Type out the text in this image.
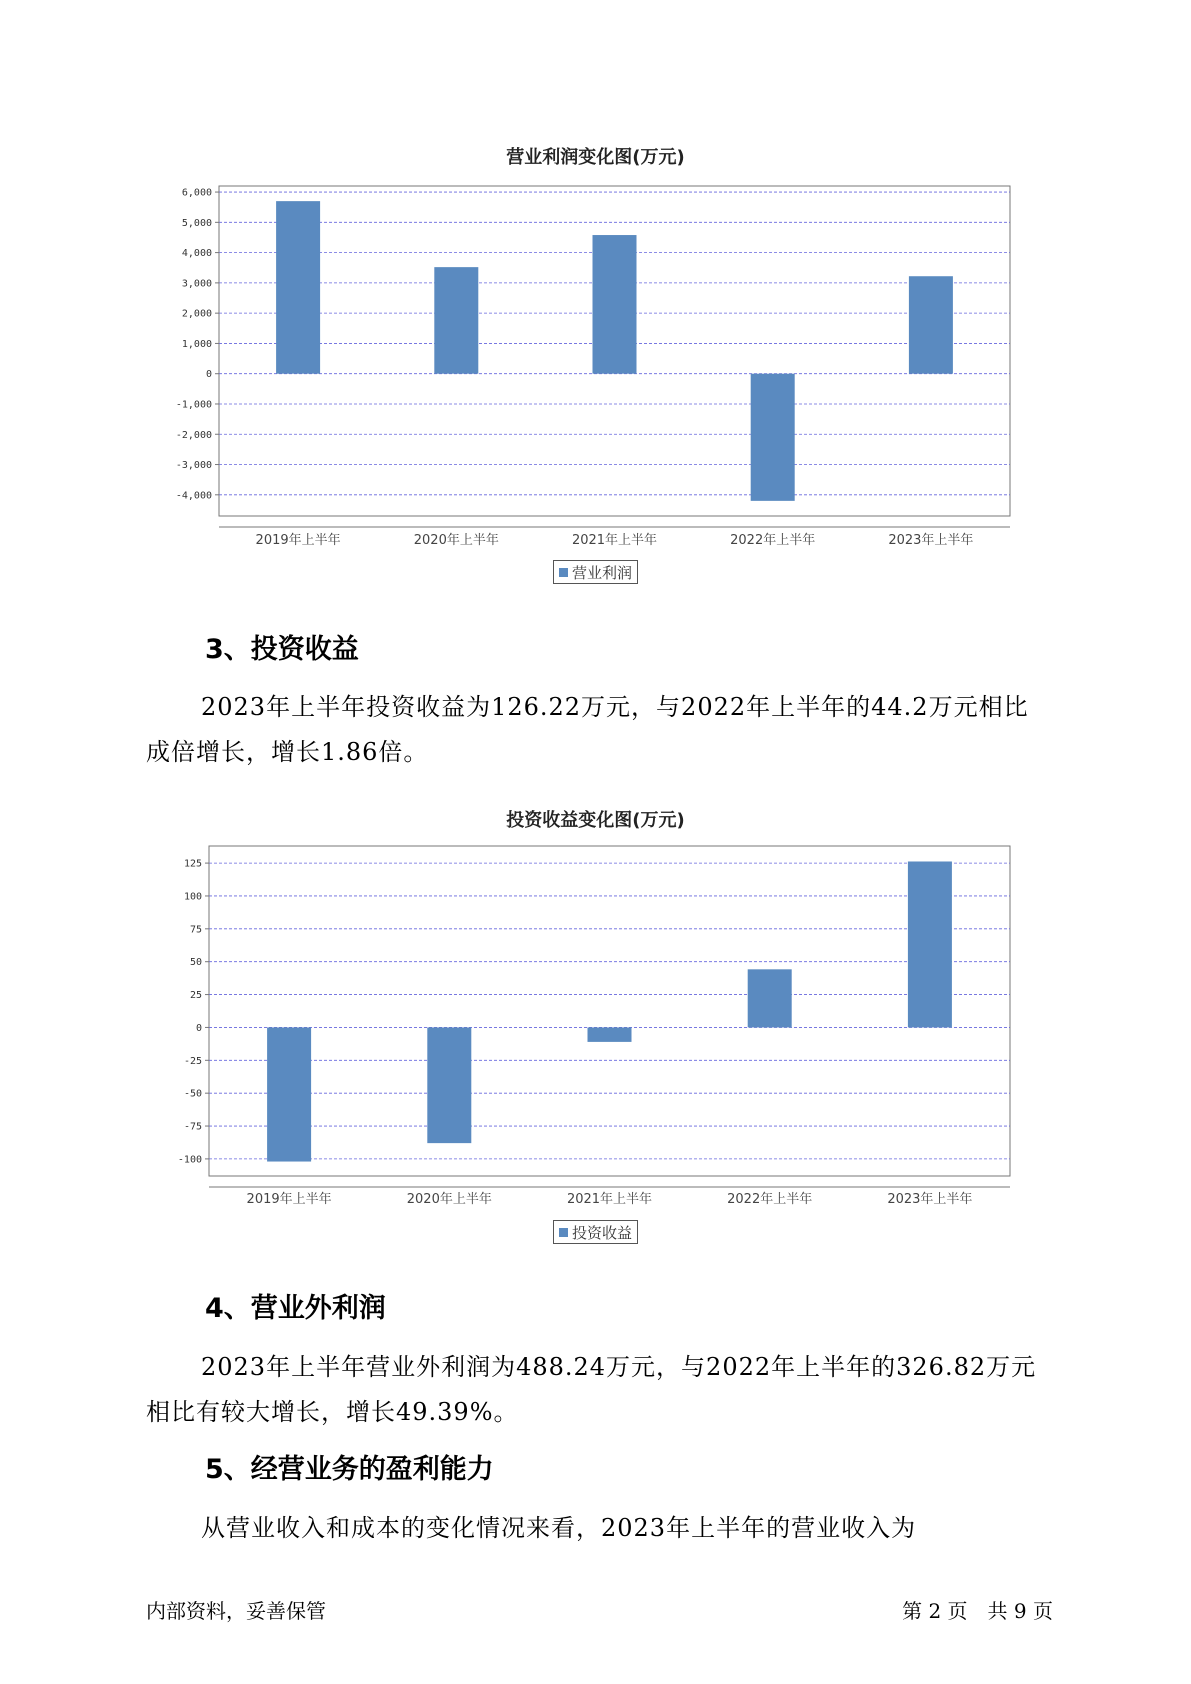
营业利润变化图(万元)
6,000
5,000
4,000
3,000
2,000
1,000
0
-1,000
-2,000
-3,000
-4,000
2019年上半年	2020年上半年	2021年上半年	2022年上半年	2023年上半年
营业利润
3、投资收益

2023年上半年投资收益为126.22万元，与2022年上半年的44.2万元相比成倍增长，增长1.86倍。

投资收益变化图(万元)
125
100
75
50
25
0
-25
-50
-75
-100
2019年上半年	2020年上半年	2021年上半年	2022年上半年	2023年上半年
投资收益
4、营业外利润

2023年上半年营业外利润为488.24万元，与2022年上半年的326.82万元相比有较大增长，增长49.39%。

5、经营业务的盈利能力

从营业收入和成本的变化情况来看，2023年上半年的营业收入为

内部资料，妥善保管	第 2 页　共 9 页
